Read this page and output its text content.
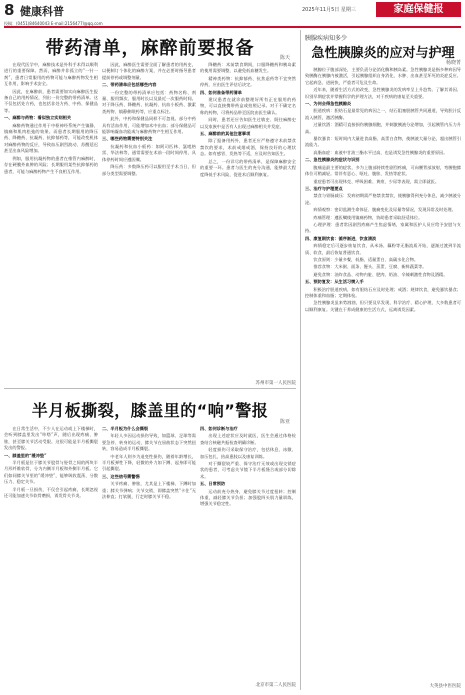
8 健康科普	2025年11月5日 星期三	家庭保健报
投稿：(0451)84640043 E-mail:2156477l@qq.com
带药清单，麻醉前要报备	陈天

在现代医学中，麻醉技术是外科手术得以顺利进行的重要保障。然而，麻醉并非孤立的“一针一剂”，患者日常服用的药物可能与麻醉药物发生相互作用，影响手术安全。

因此，在麻醉前，患者需要如实向麻醉医生报备自己的用药情况，列出一份完整的带药清单。这不仅包括处方药，也包括非处方药、中药、保健品等。

一、麻醉与药物：看似独立实则相关

麻醉药物通过作用于中枢神经系统产生镇静、镇痛和肌肉松弛的效果。而患者长期服用的降压药、降糖药、抗凝药、抗抑郁药等，可能改变机体对麻醉药物的反应，导致血压剧烈波动、苏醒延迟甚至出血风险增加。

例如，服用抗凝药物的患者在椎管内麻醉时，存在硬膜外血肿的风险；长期服用某些抗抑郁药的患者，可能与麻醉药物产生不良相互作用。

因此，麻醉医生需要全面了解患者的用药史，以便制订个体化的麻醉方案，并在必要时指导患者提前停药或调整剂量。

二、带药清单应包括哪些内容

一份完整的带药清单应包括：药物名称、剂量、服用频次、服用时长以及最近一次服药时间。对于降压药、降糖药、抗凝药、抗血小板药、激素类药物、镇静催眠药等，应重点标注。

此外，中药和保健品同样不可忽视。部分中药具有活血作用，可能增加术中出血；部分保健品可能影响凝血功能或与麻醉药物产生相互作用。

三、哪些药物需要特别关注

抗凝药和抗血小板药：如阿司匹林、氯吡格雷、华法林等，通常需要在术前一段时间停用，具体停药时间应遵医嘱。

降压药：多数降压药可以服用至手术当日，但部分类型需要调整。

降糖药：术前禁食期间，口服降糖药和胰岛素的使用需要调整，以避免低血糖发生。

精神类药物：抗抑郁药、抗焦虑药等不宜突然停药，应由医生评估后决定。

四、如何准备带药清单

建议患者在就诊前整理好所有正在服用的药物，可以直接携带药盒或拍照记录。对于不确定名称的药物，可将药品带至医院由医生确认。

同时，患者还应告知医生过敏史、既往麻醉史以及家族中是否有人出现过麻醉相关并发症。

五、麻醉前的其他注意事项

除了报备用药外，患者还应严格遵守术前禁食禁饮的要求，术前戒烟戒酒，保持良好的心理状态。如有感冒、发热等不适，应及时告知医生。

总之，一份详尽的带药清单，是保障麻醉安全的重要一环。患者与医生的充分沟通，能够最大程度降低手术风险，促进术后顺利康复。

苏州市第一人民医院
半月板撕裂，膝盖里的“响”警报
陈亚

在日常生活中，不少人在运动或上下楼梯时，会听到膝盖里发出“咔嗒”声，随后出现疼痛、肿胀，甚至膝关节活动受限。这很可能是半月板撕裂发出的警报。

一、膝盖里的“缓冲垫”

半月板是位于膝关节股骨与胫骨之间的两块半月形纤维软骨，分为内侧半月板和外侧半月板。它们如同膝关节里的“缓冲垫”，能够吸收震荡、分散压力、稳定关节。

半月板一旦损伤，不仅会引起疼痛，长期忽视还可能加速关节软骨磨损，诱发骨关节炎。

二、半月板为什么会撕裂

年轻人多因运动损伤导致，如篮球、足球等需要急停、转身的运动，膝关节在屈曲状态下突然扭转，容易造成半月板撕裂。

中老年人则多为退变性损伤，随着年龄增长，半月板弹性下降，轻微的外力如下蹲、起身即可能引起撕裂。

三、这些信号需警惕

关节疼痛、肿胀，尤其是上下楼梯、下蹲时加重；膝关节弹响；关节交锁，即膝盖突然“卡住”无法伸直；打软腿，行走时膝关节不稳。

四、如何诊断与治疗

出现上述症状应及时就医，医生会通过体格检查结合核磁共振检查明确诊断。

轻度损伤可采取保守治疗，包括休息、冰敷、加压包扎、抬高患肢以及康复训练。

对于撕裂较严重、保守治疗无效或出现交锁症状的患者，可考虑关节镜下半月板缝合或部分切除术。

五、日常预防

运动前充分热身，避免膝关节过度扭转；控制体重，减轻膝关节负担；加强股四头肌力量训练，增强关节稳定性。

北京市第二人民医院
胰腺疾病知多少
急性胰腺炎的应对与护理
杨晓菁

胰腺位于腹部深处，主要负责分泌消化酶和胰岛素。急性胰腺炎是指多种病因导致胰酶在胰腺内被激活，引起胰腺组织自身消化、水肿、出血甚至坏死的炎症反应。它起病急、进展快，严重者可危及生命。

近年来，随着生活方式的改变，急性胰腺炎的发病率呈上升趋势。了解其诱因、识别早期症状并掌握科学的护理方法，对于疾病的康复至关重要。

一、为何会得急性胰腺炎

胆道疾病：胆结石是最常见的病因之一，结石阻塞胆胰管共同通道，导致胆汁反流入胰管，激活胰酶。

过量饮酒：酒精可直接损伤胰腺细胞，并刺激胰液分泌增加，引起胰管内压力升高。

暴饮暴食：短时间内大量进食高脂、高蛋白食物，使胰液大量分泌，超出胰管引流能力。

高脂血症：血液中甘油三酯水平过高，也是诱发急性胰腺炎的重要原因。

二、急性胰腺炎的症状与识别

腹痛是最主要的症状，多为上腹部持续性剧烈疼痛，可向腰背部放射，弯腰抱膝体位可稍减轻。常伴有恶心、呕吐、腹胀、发热等症状。

重症患者可出现休克、呼吸困难、黄疸、少尿等表现，需立即就医。

三、治疗与护理要点

禁食与胃肠减压：发病初期需严格禁食禁饮，使胰腺得到充分休息，减少胰液分泌。

病情观察：密切监测生命体征、腹痛变化及尿量等情况，发现异常及时处理。

疼痛管理：遵医嘱使用镇痛药物，协助患者采取舒适体位。

心理护理：患者常因剧烈疼痛产生焦虑情绪，家属和医护人员应给予安慰与支持。

四、康复期饮食：循序渐进，饮食清淡

病情稳定后可逐步恢复饮食，从米汤、藕粉等无脂流质开始，逐渐过渡到半流质、软食，最后恢复普通饮食。

饮食原则：少量多餐，低脂、适量蛋白、高碳水化合物。

推荐食物：大米粥、面条、馒头、蒸蛋、豆腐、新鲜蔬菜等。

避免食物：油炸食品、动物内脏、肥肉、奶油、辛辣刺激性食物及酒精。

五、预防复发：从生活习惯入手

积极治疗胆道疾病，如有胆结石应及时处理；戒酒；规律饮食，避免暴饮暴食；控制体重和血脂；定期体检。

急性胰腺炎虽来势汹汹，但只要及早发现、科学治疗、精心护理，大多数患者可以顺利康复。关键在于养成健康的生活方式，远离诱发因素。

大英县中医医院
